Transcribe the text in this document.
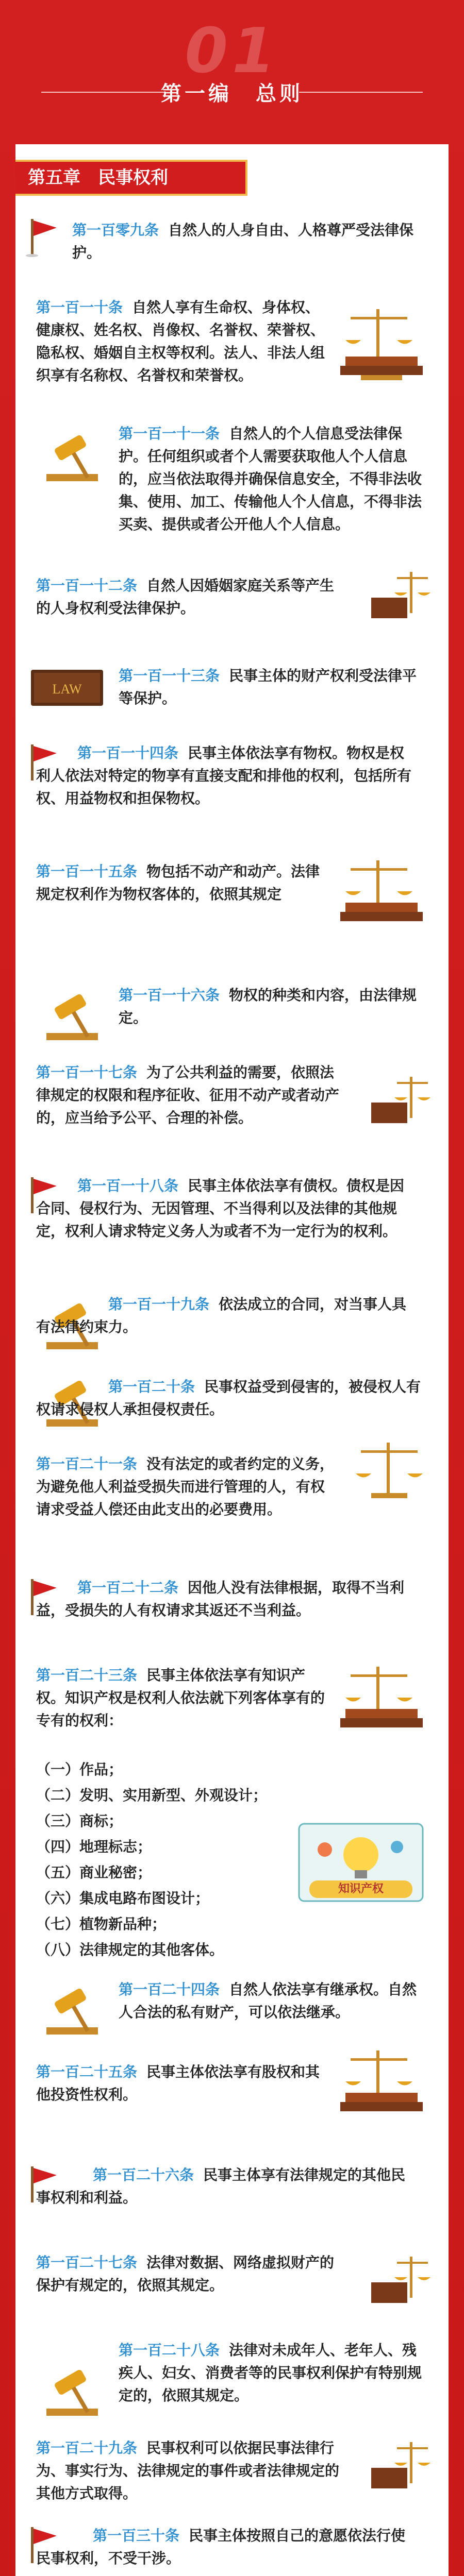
01
第一编　总则
第五章　民事权利
第一百零九条 自然人的人身自由、人格尊严受法律保护。
第一百一十条 自然人享有生命权、身体权、健康权、姓名权、肖像权、名誉权、荣誉权、隐私权、婚姻自主权等权利。法人、非法人组织享有名称权、名誉权和荣誉权。
第一百一十一条 自然人的个人信息受法律保护。任何组织或者个人需要获取他人个人信息的，应当依法取得并确保信息安全，不得非法收集、使用、加工、传输他人个人信息，不得非法买卖、提供或者公开他人个人信息。
第一百一十二条 自然人因婚姻家庭关系等产生的人身权利受法律保护。
LAW
第一百一十三条 民事主体的财产权利受法律平等保护。
第一百一十四条 民事主体依法享有物权。物权是权利人依法对特定的物享有直接支配和排他的权利，包括所有权、用益物权和担保物权。
第一百一十五条 物包括不动产和动产。法律规定权利作为物权客体的，依照其规定
第一百一十六条 物权的种类和内容，由法律规定。
第一百一十七条 为了公共利益的需要，依照法律规定的权限和程序征收、征用不动产或者动产的，应当给予公平、合理的补偿。
第一百一十八条 民事主体依法享有债权。债权是因合同、侵权行为、无因管理、不当得利以及法律的其他规定，权利人请求特定义务人为或者不为一定行为的权利。
第一百一十九条 依法成立的合同，对当事人具有法律约束力。
第一百二十条 民事权益受到侵害的，被侵权人有权请求侵权人承担侵权责任。
第一百二十一条 没有法定的或者约定的义务，为避免他人利益受损失而进行管理的人，有权请求受益人偿还由此支出的必要费用。
第一百二十二条 因他人没有法律根据，取得不当利益，受损失的人有权请求其返还不当利益。
第一百二十三条 民事主体依法享有知识产权。知识产权是权利人依法就下列客体享有的专有的权利：
（一）作品；
（二）发明、实用新型、外观设计；
（三）商标；
（四）地理标志；
（五）商业秘密；
（六）集成电路布图设计；
（七）植物新品种；
（八）法律规定的其他客体。
知识产权
第一百二十四条 自然人依法享有继承权。自然人合法的私有财产，可以依法继承。
第一百二十五条 民事主体依法享有股权和其他投资性权利。
第一百二十六条 民事主体享有法律规定的其他民事权利和利益。
第一百二十七条 法律对数据、网络虚拟财产的保护有规定的，依照其规定。
第一百二十八条 法律对未成年人、老年人、残疾人、妇女、消费者等的民事权利保护有特别规定的，依照其规定。
第一百二十九条 民事权利可以依据民事法律行为、事实行为、法律规定的事件或者法律规定的其他方式取得。
第一百三十条 民事主体按照自己的意愿依法行使民事权利，不受干涉。
